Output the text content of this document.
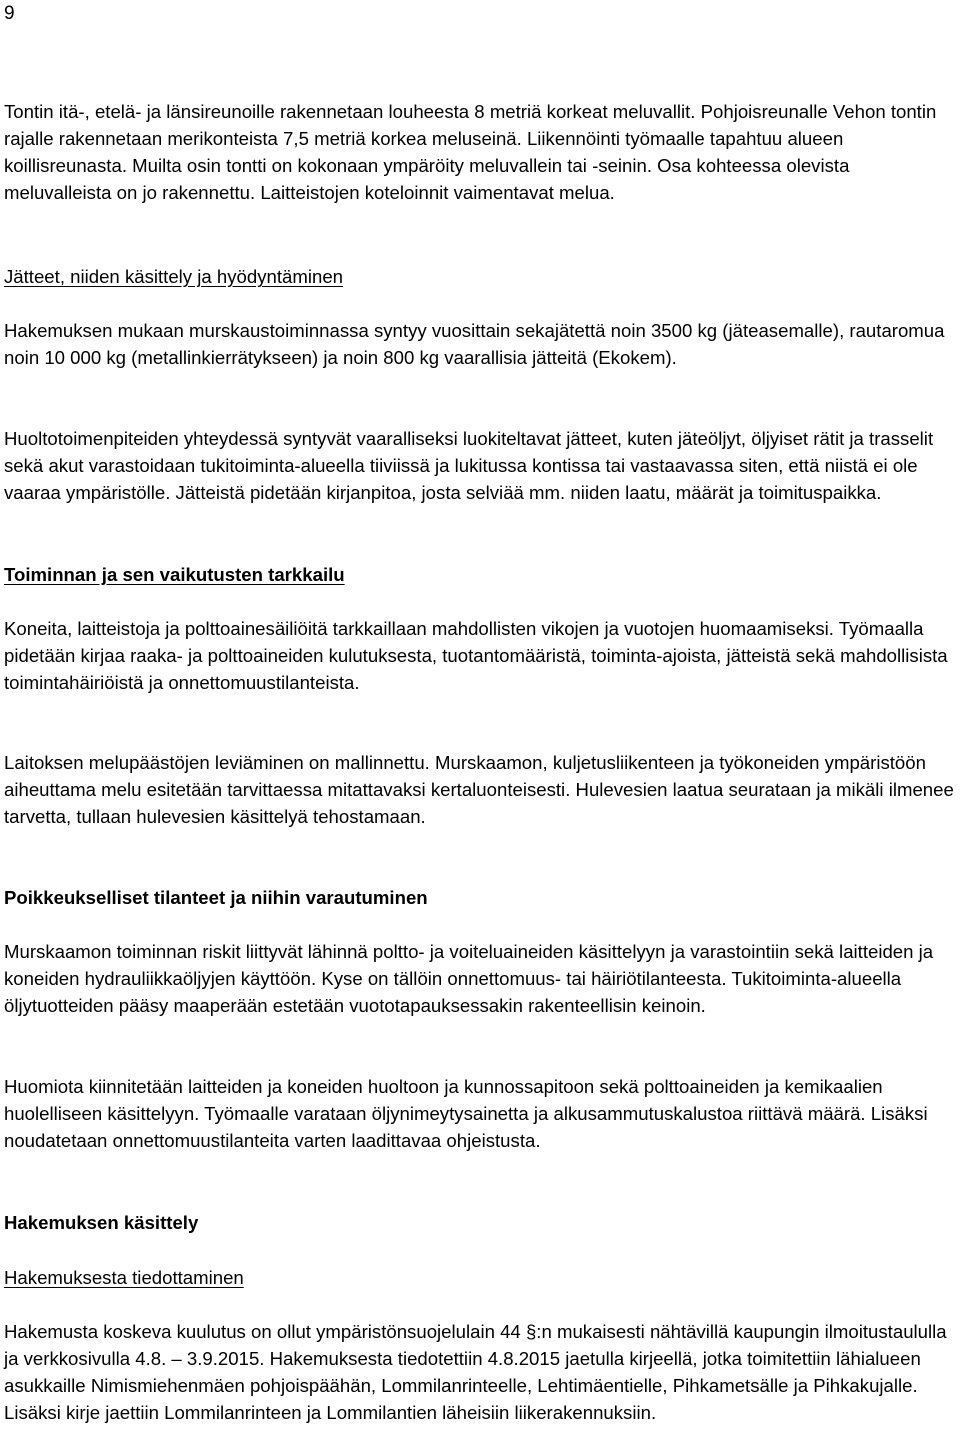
9

Tontin itä-, etelä- ja länsireunoille rakennetaan louheesta 8 metriä korkeat meluvallit. Pohjoisreunalle Vehon tontin rajalle rakennetaan merikonteista 7,5 metriä korkea meluseinä. Liikennöinti työmaalle tapahtuu alueen koillisreunasta. Muilta osin tontti on kokonaan ympäröity meluvallein tai -seinin. Osa kohteessa olevista meluvalleista on jo rakennettu. Laitteistojen koteloinnit vaimentavat melua.

Jätteet, niiden käsittely ja hyödyntäminen

Hakemuksen mukaan murskaustoiminnassa syntyy vuosittain sekajätettä noin 3500 kg (jäteasemalle), rautaromua noin 10 000 kg (metallinkierrätykseen) ja noin 800 kg vaarallisia jätteitä (Ekokem).

Huoltotoimenpiteiden yhteydessä syntyvät vaaralliseksi luokiteltavat jätteet, kuten jäteöljyt, öljyiset rätit ja trasselit sekä akut varastoidaan tukitoiminta-alueella tiiviissä ja lukitussa kontissa tai vastaavassa siten, että niistä ei ole vaaraa ympäristölle. Jätteistä pidetään kirjanpitoa, josta selviää mm. niiden laatu, määrät ja toimituspaikka.

Toiminnan ja sen vaikutusten tarkkailu

Koneita, laitteistoja ja polttoainesäiliöitä tarkkaillaan mahdollisten vikojen ja vuotojen huomaamiseksi. Työmaalla pidetään kirjaa raaka- ja polttoaineiden kulutuksesta, tuotantomääristä, toiminta-ajoista, jätteistä sekä mahdollisista toimintahäiriöistä ja onnettomuustilanteista.

Laitoksen melupäästöjen leviäminen on mallinnettu. Murskaamon, kuljetusliikenteen ja työkoneiden ympäristöön aiheuttama melu esitetään tarvittaessa mitattavaksi kertaluonteisesti. Hulevesien laatua seurataan ja mikäli ilmenee tarvetta, tullaan hulevesien käsittelyä tehostamaan.

Poikkeukselliset tilanteet ja niihin varautuminen

Murskaamon toiminnan riskit liittyvät lähinnä poltto- ja voiteluaineiden käsittelyyn ja varastointiin sekä laitteiden ja koneiden hydrauliikkaöljyjen käyttöön. Kyse on tällöin onnettomuus- tai häiriötilanteesta. Tukitoiminta-alueella öljytuotteiden pääsy maaperään estetään vuototapauksessakin rakenteellisin keinoin.

Huomiota kiinnitetään laitteiden ja koneiden huoltoon ja kunnossapitoon sekä polttoaineiden ja kemikaalien huolelliseen käsittelyyn. Työmaalle varataan öljynimeytysainetta ja alkusammutuskalustoa riittävä määrä. Lisäksi noudatetaan onnettomuustilanteita varten laadittavaa ohjeistusta.

Hakemuksen käsittely

Hakemuksesta tiedottaminen

Hakemusta koskeva kuulutus on ollut ympäristönsuojelulain 44 §:n mukaisesti nähtävillä kaupungin ilmoitustaululla ja verkkosivulla 4.8. – 3.9.2015. Hakemuksesta tiedotettiin 4.8.2015 jaetulla kirjeellä, jotka toimitettiin lähialueen asukkaille Nimismiehenmäen pohjoispäähän, Lommilanrinteelle, Lehtimäentielle, Pihkametsälle ja Pihkakujalle. Lisäksi kirje jaettiin Lommilanrinteen ja Lommilantien läheisiin liikerakennuksiin.
